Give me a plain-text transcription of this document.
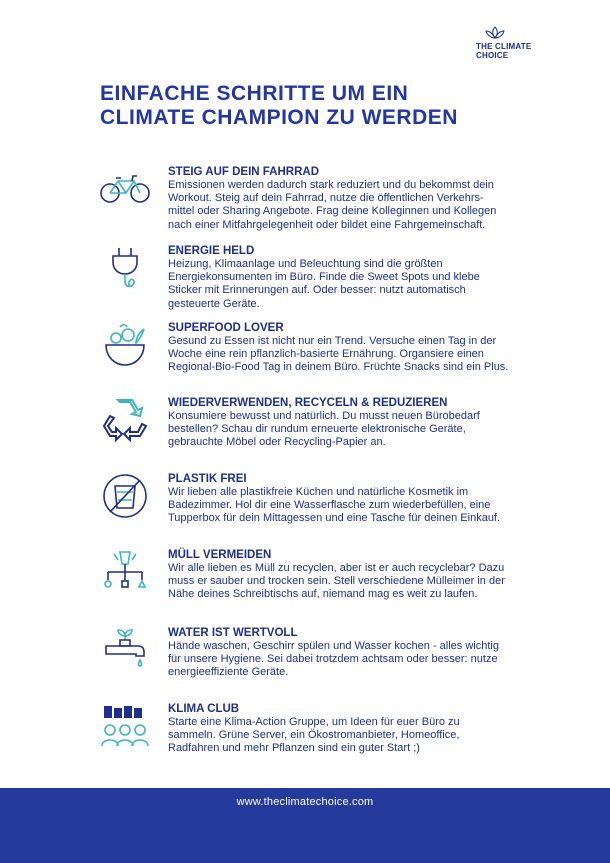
THE CLIMATE
CHOICE
EINFACHE SCHRITTE UM EIN
CLIMATE CHAMPION ZU WERDEN
STEIG AUF DEIN FAHRRAD

Emissionen werden dadurch stark reduziert und du bekommst dein
Workout. Steig auf dein Fahrrad, nutze die öffentlichen Verkehrs-
mittel oder Sharing Angebote. Frag deine Kolleginnen und Kollegen
nach einer Mitfahrgelegenheit oder bildet eine Fahrgemeinschaft.

ENERGIE HELD

Heizung, Klimaanlage und Beleuchtung sind die größten
Energiekonsumenten im Büro. Finde die Sweet Spots und klebe
Sticker mit Erinnerungen auf. Oder besser: nutzt automatisch
gesteuerte Geräte.

SUPERFOOD LOVER

Gesund zu Essen ist nicht nur ein Trend. Versuche einen Tag in der
Woche eine rein pflanzlich-basierte Ernährung. Organsiere einen
Regional-Bio-Food Tag in deinem Büro. Früchte Snacks sind ein Plus.

WIEDERVERWENDEN, RECYCELN & REDUZIEREN

Konsumiere bewusst und natürlich. Du musst neuen Bürobedarf
bestellen? Schau dir rundum erneuerte elektronische Geräte,
gebrauchte Möbel oder Recycling-Papier an.

PLASTIK FREI

Wir lieben alle plastikfreie Küchen und natürliche Kosmetik im
Badezimmer. Hol dir eine Wasserflasche zum wiederbefüllen, eine
Tupperbox für dein Mittagessen und eine Tasche für deinen Einkauf.

MÜLL VERMEIDEN

Wir alle lieben es Müll zu recyclen, aber ist er auch recyclebar? Dazu
muss er sauber und trocken sein. Stell verschiedene Mülleimer in der
Nähe deines Schreibtischs auf, niemand mag es weit zu laufen.

WATER IST WERTVOLL

Hände waschen, Geschirr spülen und Wasser kochen - alles wichtig
für unsere Hygiene. Sei dabei trotzdem achtsam oder besser: nutze
energieeffiziente Geräte.

KLIMA CLUB

Starte eine Klima-Action Gruppe, um Ideen für euer Büro zu
sammeln. Grüne Server, ein Ökostromanbieter, Homeoffice,
Radfahren und mehr Pflanzen sind ein guter Start ;)

www.theclimatechoice.com
